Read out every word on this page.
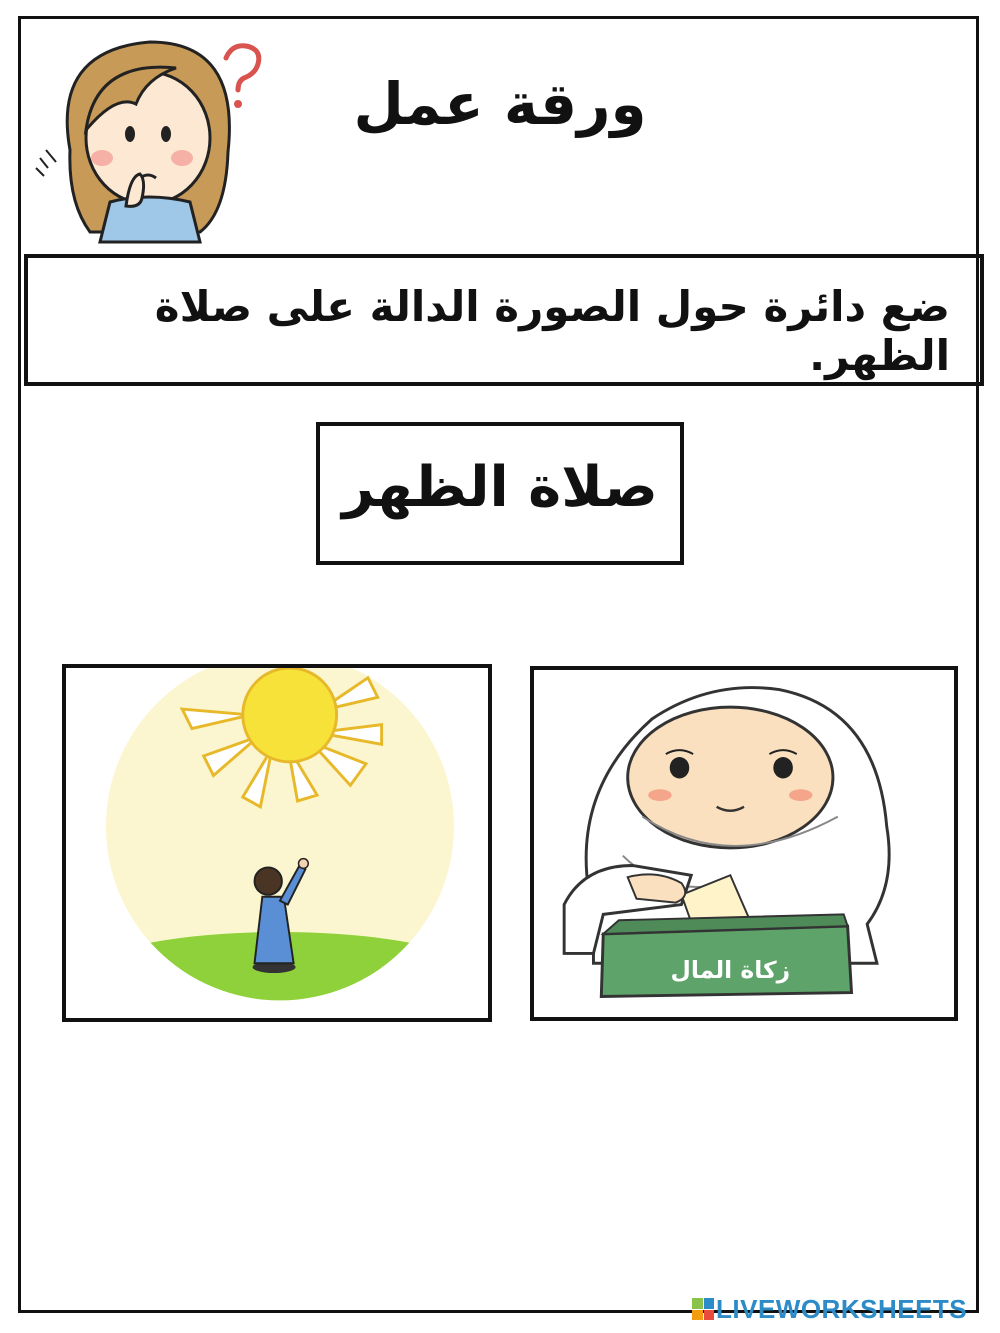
ورقة عمل
ضع دائرة حول الصورة الدالة على صلاة الظهر.
صلاة الظهر
زكاة المال
LIVEWORKSHEETS
